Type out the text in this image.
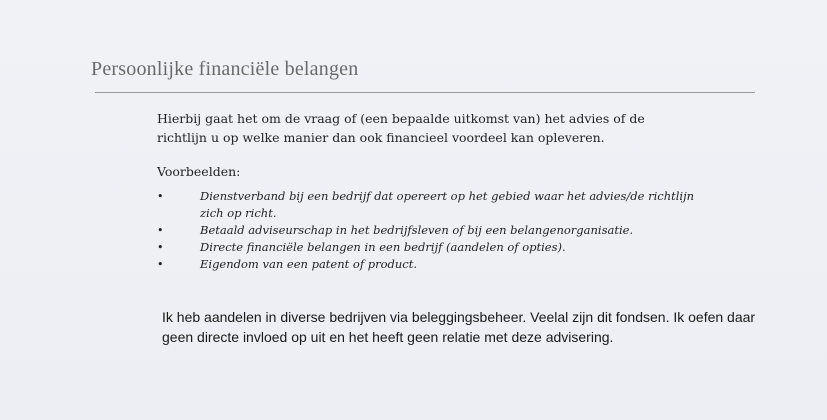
Persoonlijke financiële belangen

Hierbij gaat het om de vraag of (een bepaalde uitkomst van) het advies of de richtlijn u op welke manier dan ook financieel voordeel kan opleveren.

Voorbeelden:

•	Dienstverband bij een bedrijf dat opereert op het gebied waar het advies/de richtlijn zich op richt.
•	Betaald adviseurschap in het bedrijfsleven of bij een belangenorganisatie.
•	Directe financiële belangen in een bedrijf (aandelen of opties).
•	Eigendom van een patent of product.

Ik heb aandelen in diverse bedrijven via beleggingsbeheer. Veelal zijn dit fondsen. Ik oefen daar geen directe invloed op uit en het heeft geen relatie met deze advisering.
